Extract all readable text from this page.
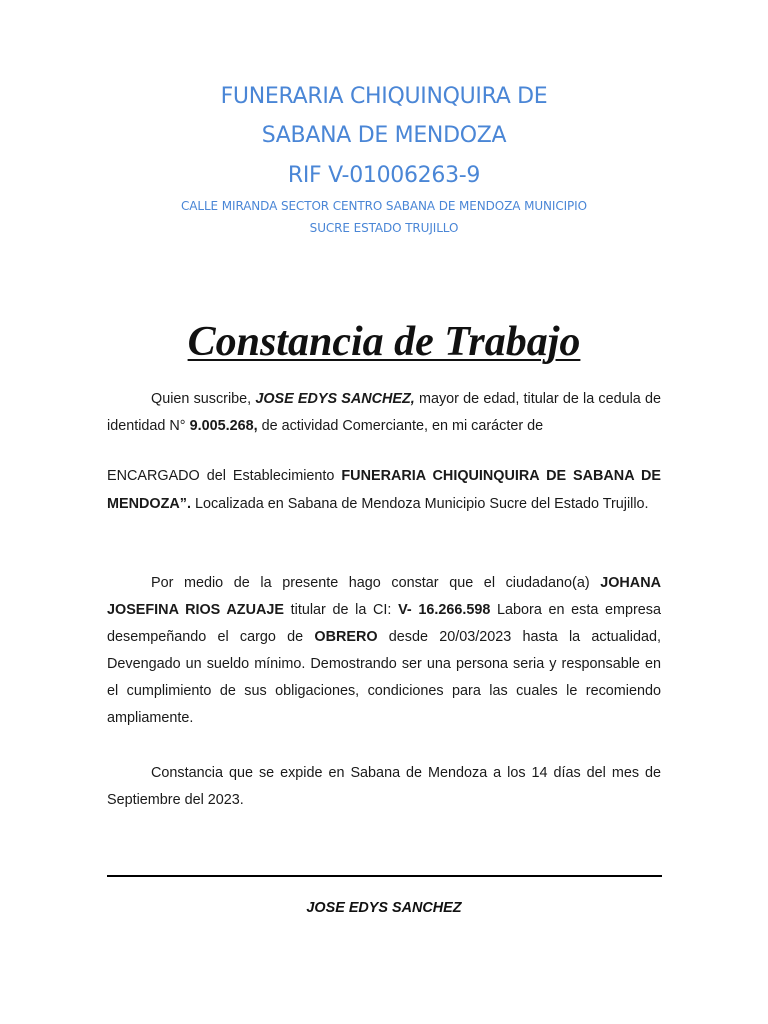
FUNERARIA CHIQUINQUIRA DE
SABANA DE MENDOZA
RIF V-01006263-9
CALLE MIRANDA SECTOR CENTRO SABANA DE MENDOZA MUNICIPIO
SUCRE ESTADO TRUJILLO
Constancia de Trabajo
Quien suscribe, JOSE EDYS SANCHEZ, mayor de edad, titular de la cedula de identidad N° 9.005.268, de actividad Comerciante, en mi carácter de
ENCARGADO del Establecimiento FUNERARIA CHIQUINQUIRA DE SABANA DE MENDOZA”. Localizada en Sabana de Mendoza Municipio Sucre del Estado Trujillo.
Por medio de la presente hago constar que el ciudadano(a) JOHANA JOSEFINA RIOS AZUAJE titular de la CI: V- 16.266.598 Labora en esta empresa desempeñando el cargo de OBRERO desde 20/03/2023 hasta la actualidad, Devengado un sueldo mínimo. Demostrando ser una persona seria y responsable en el cumplimiento de sus obligaciones, condiciones para las cuales le recomiendo ampliamente.
Constancia que se expide en Sabana de Mendoza a los 14 días del mes de Septiembre del 2023.
JOSE EDYS SANCHEZ
